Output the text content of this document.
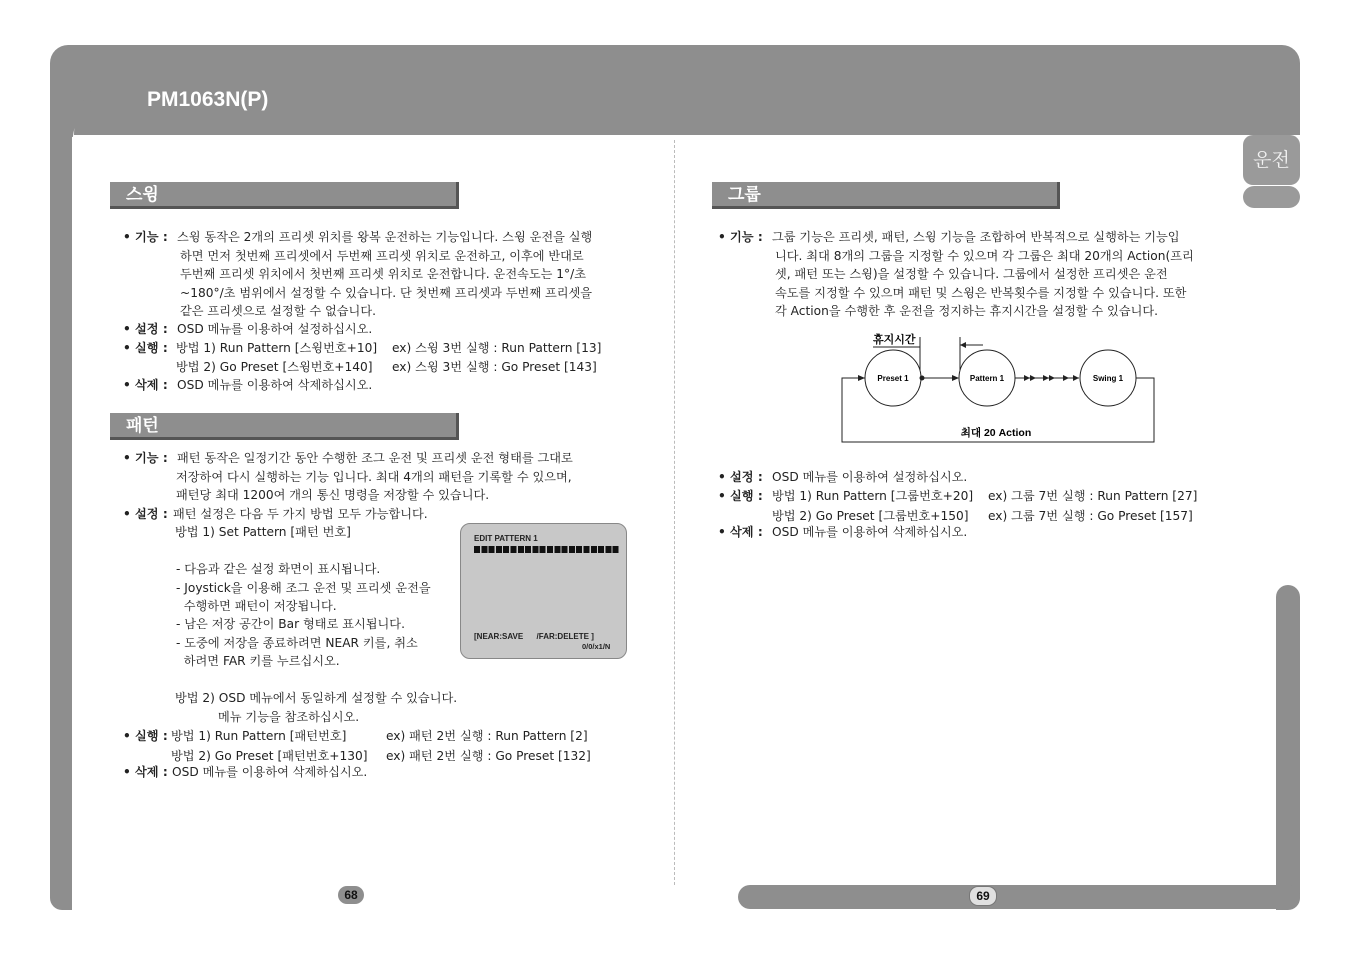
PM1063N(P)
운전
68	69
스윙
• 기능 : 스윙 동작은 2개의 프리셋 위치를 왕복 운전하는 기능입니다. 스윙 운전을 실행
하면 먼저 첫번째 프리셋에서 두번째 프리셋 위치로 운전하고, 이후에 반대로
두번째 프리셋 위치에서 첫번째 프리셋 위치로 운전합니다. 운전속도는 1°/초
~180°/초 범위에서 설정할 수 있습니다. 단 첫번째 프리셋과 두번째 프리셋을
같은 프리셋으로 설정할 수 없습니다.
• 설정 : OSD 메뉴를 이용하여 설정하십시오.
• 실행 : 방법 1) Run Pattern [스윙번호+10] ex) 스윙 3번 실행 : Run Pattern [13]
방법 2) Go Preset [스윙번호+140] ex) 스윙 3번 실행 : Go Preset [143]
• 삭제 : OSD 메뉴를 이용하여 삭제하십시오.
패턴
• 기능 : 패턴 동작은 일정기간 동안 수행한 조그 운전 및 프리셋 운전 형태를 그대로
저장하여 다시 실행하는 기능 입니다. 최대 4개의 패턴을 기록할 수 있으며,
패턴당 최대 1200여 개의 통신 명령을 저장할 수 있습니다.
• 설정 : 패턴 설정은 다음 두 가지 방법 모두 가능합니다.
방법 1) Set Pattern [패턴 번호]
- 다음과 같은 설정 화면이 표시됩니다.
- Joystick을 이용해 조그 운전 및 프리셋 운전을
수행하면 패턴이 저장됩니다.
- 남은 저장 공간이 Bar 형태로 표시됩니다.
- 도중에 저장을 종료하려면 NEAR 키를, 취소
하려면 FAR 키를 누르십시오.
EDIT PATTERN 1
[NEAR:SAVE      /FAR:DELETE ]
0/0/x1/N
방법 2) OSD 메뉴에서 동일하게 설정할 수 있습니다.
메뉴 기능을 참조하십시오.
• 실행 : 방법 1) Run Pattern [패턴번호]	ex) 패턴 2번 실행 : Run Pattern [2]
방법 2) Go Preset [패턴번호+130] ex) 패턴 2번 실행 : Go Preset [132]
• 삭제 : OSD 메뉴를 이용하여 삭제하십시오.
그룹
• 기능 : 그룹 기능은 프리셋, 패턴, 스윙 기능을 조합하여 반복적으로 실행하는 기능입
니다. 최대 8개의 그룹을 지정할 수 있으며 각 그룹은 최대 20개의 Action(프리
셋, 패턴 또는 스윙)을 설정할 수 있습니다. 그룹에서 설정한 프리셋은 운전
속도를 지정할 수 있으며 패턴 및 스윙은 반복횟수를 지정할 수 있습니다. 또한
각 Action을 수행한 후 운전을 정지하는 휴지시간을 설정할 수 있습니다.
휴지시간
Preset 1	Pattern 1	Swing 1
최대 20 Action
• 설정 : OSD 메뉴를 이용하여 설정하십시오.
• 실행 : 방법 1) Run Pattern [그룹번호+20] ex) 그룹 7번 실행 : Run Pattern [27]
방법 2) Go Preset [그룹번호+150] ex) 그룹 7번 실행 : Go Preset [157]
• 삭제 : OSD 메뉴를 이용하여 삭제하십시오.
